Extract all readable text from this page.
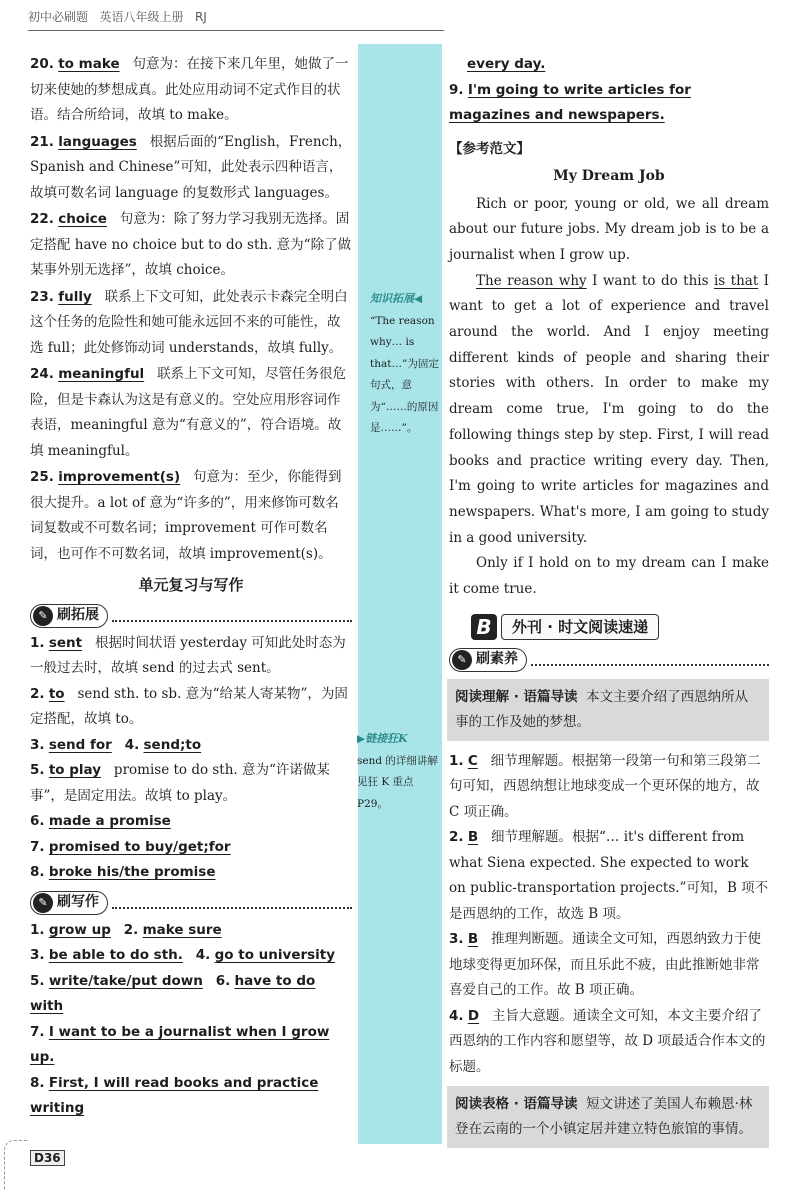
初中必刷题 英语八年级上册 RJ

20. to make 句意为：在接下来几年里，她做了一切来使她的梦想成真。此处应用动词不定式作目的状语。结合所给词，故填 to make。

21. languages 根据后面的“English，French，Spanish and Chinese”可知，此处表示四种语言，故填可数名词 language 的复数形式 languages。

22. choice 句意为：除了努力学习我别无选择。固定搭配 have no choice but to do sth. 意为“除了做某事外别无选择”，故填 choice。

23. fully 联系上下文可知，此处表示卡森完全明白这个任务的危险性和她可能永远回不来的可能性，故选 full；此处修饰动词 understands，故填 fully。

24. meaningful 联系上下文可知，尽管任务很危险，但是卡森认为这是有意义的。空处应用形容词作表语，meaningful 意为“有意义的”，符合语境。故填 meaningful。

25. improvement(s) 句意为：至少，你能得到很大提升。a lot of 意为“许多的”，用来修饰可数名词复数或不可数名词；improvement 可作可数名词，也可作不可数名词，故填 improvement(s)。

单元复习与写作
✎ 刷拓展

1. sent 根据时间状语 yesterday 可知此处时态为一般过去时，故填 send 的过去式 sent。

2. to send sth. to sb. 意为“给某人寄某物”，为固定搭配，故填 to。

3. send for 4. send;to

5. to play promise to do sth. 意为“许诺做某事”，是固定用法。故填 to play。

6. made a promise

7. promised to buy/get;for

8. broke his/the promise

✎ 刷写作

1. grow up 2. make sure

3. be able to do sth. 4. go to university

5. write/take/put down 6. have to do with

7. I want to be a journalist when I grow up.

8. First, I will read books and practice writing

知识拓展◀
“The reason why… is that…”为固定句式，意为“……的原因是……”。
▶链接狂K
send 的详细讲解见狂 K 重点 P29。

every day.

9. I'm going to write articles for magazines and newspapers.

【参考范文】

My Dream Job

Rich or poor, young or old, we all dream about our future jobs. My dream job is to be a journalist when I grow up.

The reason why I want to do this is that I want to get a lot of experience and travel around the world. And I enjoy meeting different kinds of people and sharing their stories with others. In order to make my dream come true, I'm going to do the following things step by step. First, I will read books and practice writing every day. Then, I'm going to write articles for magazines and newspapers. What's more, I am going to study in a good university.

Only if I hold on to my dream can I make it come true.

B	外刊 · 时文阅读速递
✎ 刷素养
阅读理解 · 语篇导读 本文主要介绍了西恩纳所从事的工作及她的梦想。

1. C 细节理解题。根据第一段第一句和第三段第二句可知，西恩纳想让地球变成一个更环保的地方，故 C 项正确。

2. B 细节理解题。根据“… it's different from what Siena expected. She expected to work on public-transportation projects.”可知，B 项不是西恩纳的工作，故选 B 项。

3. B 推理判断题。通读全文可知，西恩纳致力于使地球变得更加环保，而且乐此不疲，由此推断她非常喜爱自己的工作。故 B 项正确。

4. D 主旨大意题。通读全文可知，本文主要介绍了西恩纳的工作内容和愿望等，故 D 项最适合作本文的标题。

阅读表格 · 语篇导读 短文讲述了美国人布赖恩·林登在云南的一个小镇定居并建立特色旅馆的事情。
D36
